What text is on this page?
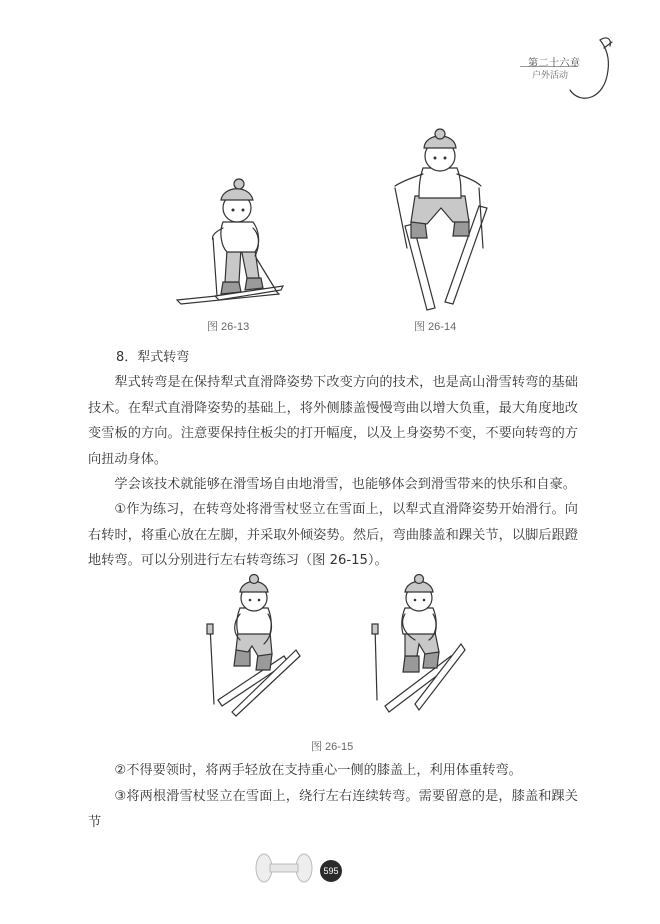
第二十六章
户外活动
图 26-13	图 26-14
8．犁式转弯

犁式转弯是在保持犁式直滑降姿势下改变方向的技术，也是高山滑雪转弯的基础技术。在犁式直滑降姿势的基础上，将外侧膝盖慢慢弯曲以增大负重，最大角度地改变雪板的方向。注意要保持住板尖的打开幅度，以及上身姿势不变，不要向转弯的方向扭动身体。

学会该技术就能够在滑雪场自由地滑雪，也能够体会到滑雪带来的快乐和自豪。

①作为练习，在转弯处将滑雪杖竖立在雪面上，以犁式直滑降姿势开始滑行。向右转时，将重心放在左脚，并采取外倾姿势。然后，弯曲膝盖和踝关节，以脚后跟蹬地转弯。可以分别进行左右转弯练习（图 26-15）。

图 26-15

②不得要领时，将两手轻放在支持重心一侧的膝盖上，利用体重转弯。

③将两根滑雪杖竖立在雪面上，绕行左右连续转弯。需要留意的是，膝盖和踝关节

595
